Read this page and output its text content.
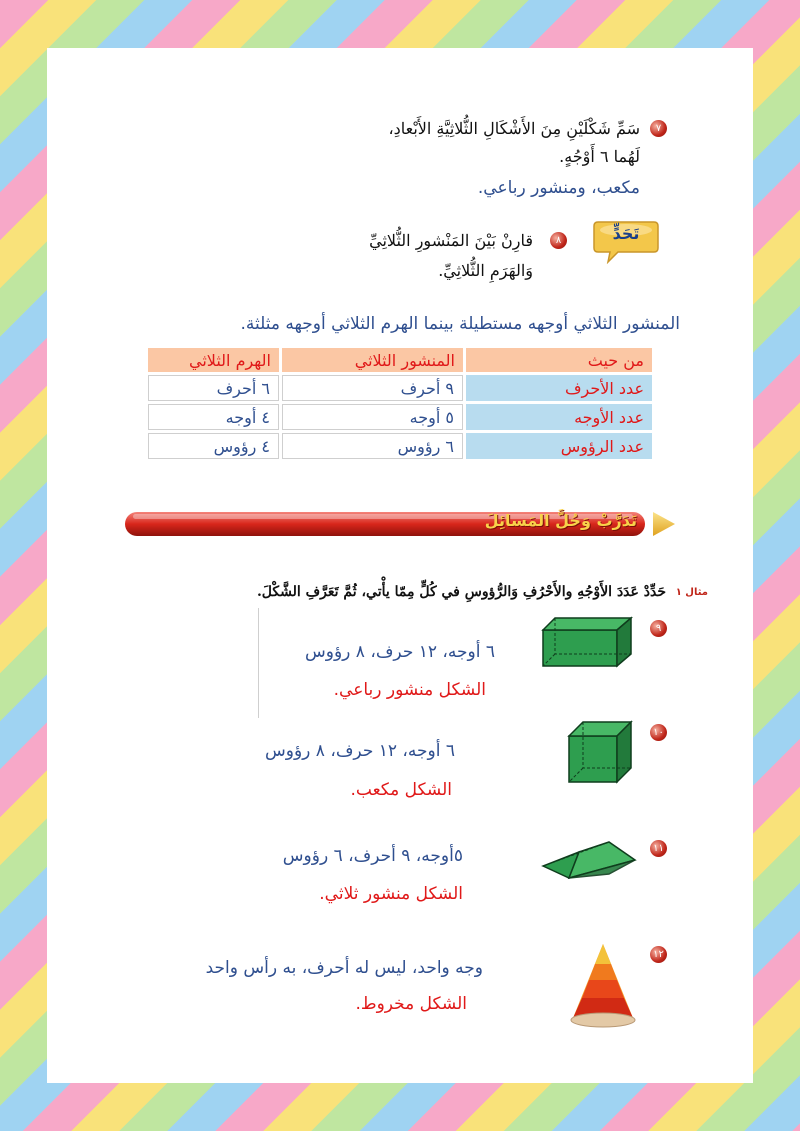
٧
سَمِّ شَكْلَيْنِ مِنَ الأَشْكَالِ الثُّلاثِيَّةِ الأَبْعادِ،
لَهُما ٦ أَوْجُهٍ.
مكعب، ومنشور رباعي.
تَحَدٍّ
٨
قارِنْ بَيْنَ المَنْشورِ الثُّلاثِيِّ
وَالهَرَمِ الثُّلاثِيِّ.
المنشور الثلاثي أوجهه مستطيلة بينما الهرم الثلاثي أوجهه مثلثة.
من حيث	المنشور الثلاثي	الهرم الثلاثي
عدد الأحرف	٩ أحرف	٦ أحرف
عدد الأوجه	٥ أوجه	٤ أوجه
عدد الرؤوس	٦ رؤوس	٤ رؤوس
تَدَرَّبْ وَحُلَّ المَسائِلَ
حَدِّدْ عَدَدَ الأَوْجُهِ والأَحْرُفِ وَالرُّؤوسِ في كُلٍّ مِمّا يأْتي، ثُمَّ تَعَرَّفِ الشَّكْلَ. مثال ١
٩
٦ أوجه، ١٢ حرف، ٨ رؤوس
الشكل منشور رباعي.
١٠
٦ أوجه، ١٢ حرف، ٨ رؤوس
الشكل مكعب.
١١
٥أوجه، ٩ أحرف، ٦ رؤوس
الشكل منشور ثلاثي.
١٢
وجه واحد، ليس له أحرف، به رأس واحد
الشكل مخروط.
